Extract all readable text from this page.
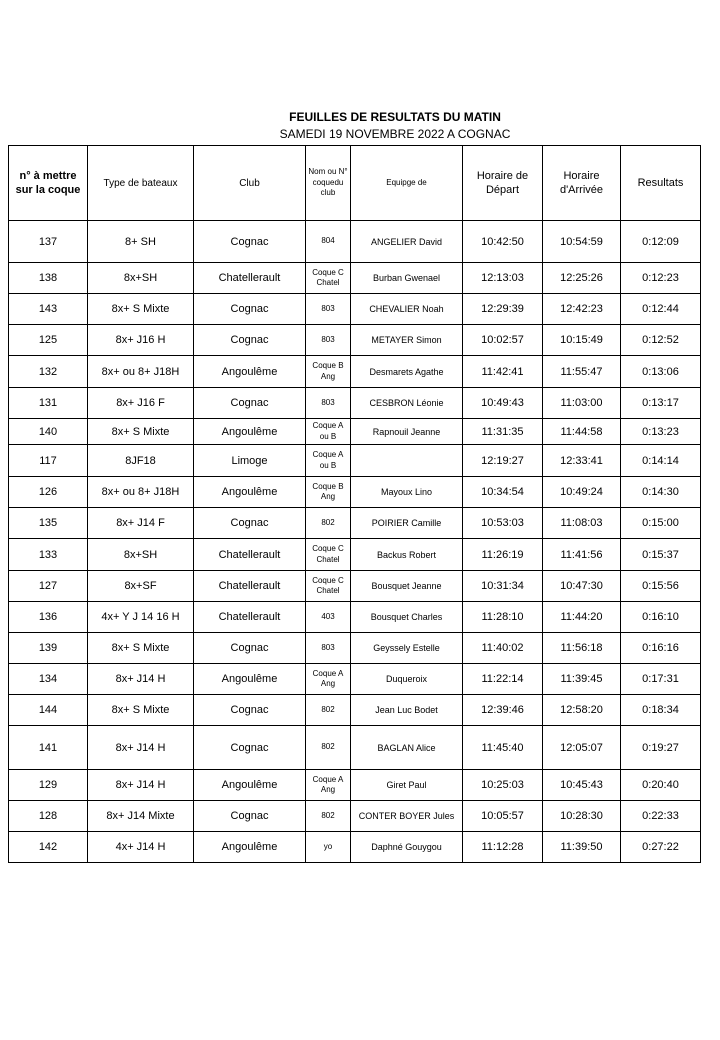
FEUILLES DE RESULTATS DU MATIN
SAMEDI 19 NOVEMBRE 2022 A COGNAC
n° à mettre sur la coque	Type de bateaux	Club	Nom ou N° coquedu club	Equipge de	Horaire de Départ	Horaire d'Arrivée	Resultats
137	8+ SH	Cognac	804	ANGELIER David	10:42:50	10:54:59	0:12:09
138	8x+SH	Chatellerault	Coque C Chatel	Burban Gwenael	12:13:03	12:25:26	0:12:23
143	8x+ S Mixte	Cognac	803	CHEVALIER Noah	12:29:39	12:42:23	0:12:44
125	8x+ J16 H	Cognac	803	METAYER Simon	10:02:57	10:15:49	0:12:52
132	8x+ ou 8+ J18H	Angoulême	Coque B Ang	Desmarets Agathe	11:42:41	11:55:47	0:13:06
131	8x+ J16 F	Cognac	803	CESBRON Léonie	10:49:43	11:03:00	0:13:17
140	8x+ S Mixte	Angoulême	Coque A ou B	Rapnouil Jeanne	11:31:35	11:44:58	0:13:23
117	8JF18	Limoge	Coque A ou B		12:19:27	12:33:41	0:14:14
126	8x+ ou 8+ J18H	Angoulême	Coque B Ang	Mayoux Lino	10:34:54	10:49:24	0:14:30
135	8x+ J14 F	Cognac	802	POIRIER Camille	10:53:03	11:08:03	0:15:00
133	8x+SH	Chatellerault	Coque C Chatel	Backus Robert	11:26:19	11:41:56	0:15:37
127	8x+SF	Chatellerault	Coque C Chatel	Bousquet Jeanne	10:31:34	10:47:30	0:15:56
136	4x+ Y J 14 16 H	Chatellerault	403	Bousquet Charles	11:28:10	11:44:20	0:16:10
139	8x+ S Mixte	Cognac	803	Geyssely Estelle	11:40:02	11:56:18	0:16:16
134	8x+ J14 H	Angoulême	Coque A Ang	Duqueroix	11:22:14	11:39:45	0:17:31
144	8x+ S Mixte	Cognac	802	Jean Luc Bodet	12:39:46	12:58:20	0:18:34
141	8x+ J14 H	Cognac	802	BAGLAN Alice	11:45:40	12:05:07	0:19:27
129	8x+ J14 H	Angoulême	Coque A Ang	Giret Paul	10:25:03	10:45:43	0:20:40
128	8x+ J14 Mixte	Cognac	802	CONTER BOYER Jules	10:05:57	10:28:30	0:22:33
142	4x+ J14 H	Angoulême	yo	Daphné Gouygou	11:12:28	11:39:50	0:27:22
